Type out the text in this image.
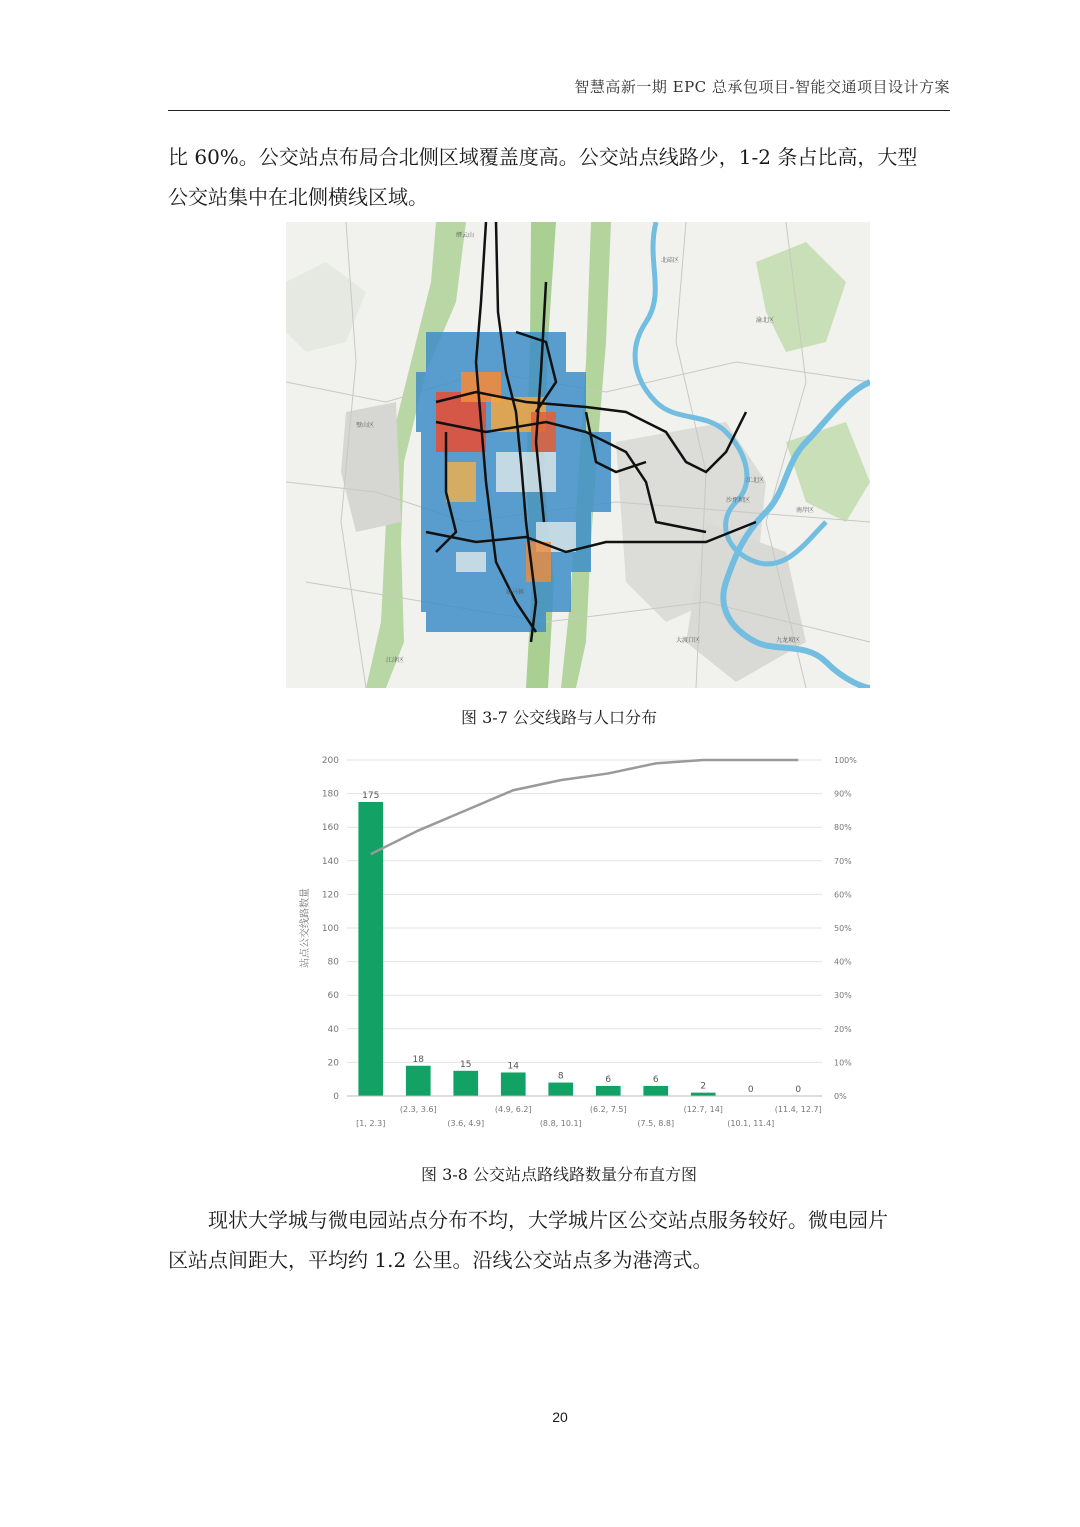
智慧高新一期 EPC 总承包项目-智能交通项目设计方案

比 60%。公交站点布局合北侧区域覆盖度高。公交站点线路少，1-2 条占比高，大型

公交站集中在北侧横线区域。

北碚区
璧山区
渝北区
江北区
沙坪坝区
南岸区
大渡口区	九龙坡区
江津区
歇马镇
缙云山
图 3-7 公交线路与人口分布
0
20
40
60
80
100
120
140
160
180
200
0%
10%
20%
30%
40%
50%
60%
70%
80%
90%
100%
站点公交线路数量
175
18
15	14
8	6	6
2	0	0
[1, 2.3]
(2.3, 3.6]
(3.6, 4.9]
(4.9, 6.2]
(8.8, 10.1]
(6.2, 7.5]
(7.5, 8.8]
(12.7, 14]
(10.1, 11.4]
(11.4, 12.7]
图 3-8 公交站点路线路数量分布直方图

现状大学城与微电园站点分布不均，大学城片区公交站点服务较好。微电园片

区站点间距大，平均约 1.2 公里。沿线公交站点多为港湾式。

20
